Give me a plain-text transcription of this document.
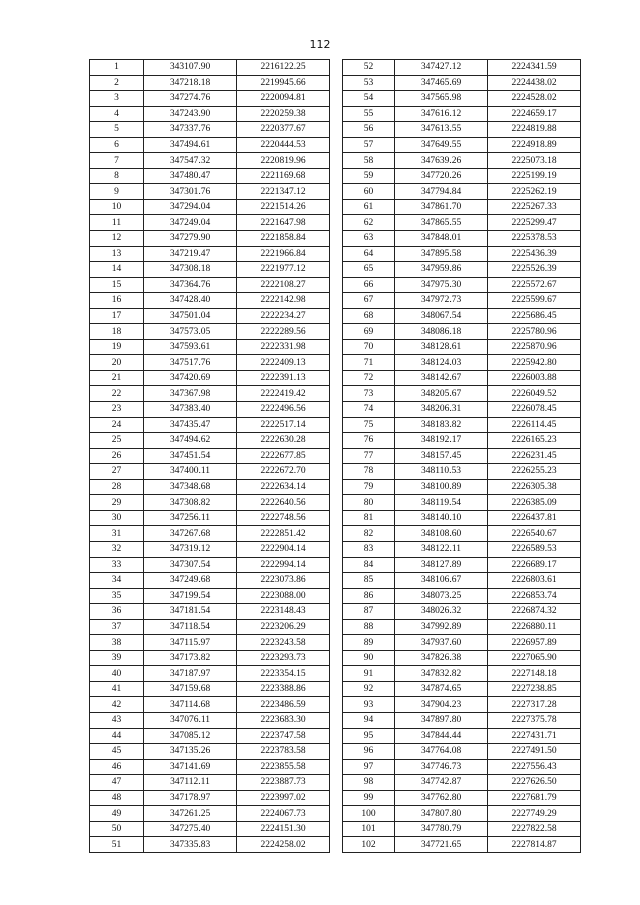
112
1	343107.90	2216122.25
2	347218.18	2219945.66
3	347274.76	2220094.81
4	347243.90	2220259.38
5	347337.76	2220377.67
6	347494.61	2220444.53
7	347547.32	2220819.96
8	347480.47	2221169.68
9	347301.76	2221347.12
10	347294.04	2221514.26
11	347249.04	2221647.98
12	347279.90	2221858.84
13	347219.47	2221966.84
14	347308.18	2221977.12
15	347364.76	2222108.27
16	347428.40	2222142.98
17	347501.04	2222234.27
18	347573.05	2222289.56
19	347593.61	2222331.98
20	347517.76	2222409.13
21	347420.69	2222391.13
22	347367.98	2222419.42
23	347383.40	2222496.56
24	347435.47	2222517.14
25	347494.62	2222630.28
26	347451.54	2222677.85
27	347400.11	2222672.70
28	347348.68	2222634.14
29	347308.82	2222640.56
30	347256.11	2222748.56
31	347267.68	2222851.42
32	347319.12	2222904.14
33	347307.54	2222994.14
34	347249.68	2223073.86
35	347199.54	2223088.00
36	347181.54	2223148.43
37	347118.54	2223206.29
38	347115.97	2223243.58
39	347173.82	2223293.73
40	347187.97	2223354.15
41	347159.68	2223388.86
42	347114.68	2223486.59
43	347076.11	2223683.30
44	347085.12	2223747.58
45	347135.26	2223783.58
46	347141.69	2223855.58
47	347112.11	2223887.73
48	347178.97	2223997.02
49	347261.25	2224067.73
50	347275.40	2224151.30
51	347335.83	2224258.02
52	347427.12	2224341.59
53	347465.69	2224438.02
54	347565.98	2224528.02
55	347616.12	2224659.17
56	347613.55	2224819.88
57	347649.55	2224918.89
58	347639.26	2225073.18
59	347720.26	2225199.19
60	347794.84	2225262.19
61	347861.70	2225267.33
62	347865.55	2225299.47
63	347848.01	2225378.53
64	347895.58	2225436.39
65	347959.86	2225526.39
66	347975.30	2225572.67
67	347972.73	2225599.67
68	348067.54	2225686.45
69	348086.18	2225780.96
70	348128.61	2225870.96
71	348124.03	2225942.80
72	348142.67	2226003.88
73	348205.67	2226049.52
74	348206.31	2226078.45
75	348183.82	2226114.45
76	348192.17	2226165.23
77	348157.45	2226231.45
78	348110.53	2226255.23
79	348100.89	2226305.38
80	348119.54	2226385.09
81	348140.10	2226437.81
82	348108.60	2226540.67
83	348122.11	2226589.53
84	348127.89	2226689.17
85	348106.67	2226803.61
86	348073.25	2226853.74
87	348026.32	2226874.32
88	347992.89	2226880.11
89	347937.60	2226957.89
90	347826.38	2227065.90
91	347832.82	2227148.18
92	347874.65	2227238.85
93	347904.23	2227317.28
94	347897.80	2227375.78
95	347844.44	2227431.71
96	347764.08	2227491.50
97	347746.73	2227556.43
98	347742.87	2227626.50
99	347762.80	2227681.79
100	347807.80	2227749.29
101	347780.79	2227822.58
102	347721.65	2227814.87
